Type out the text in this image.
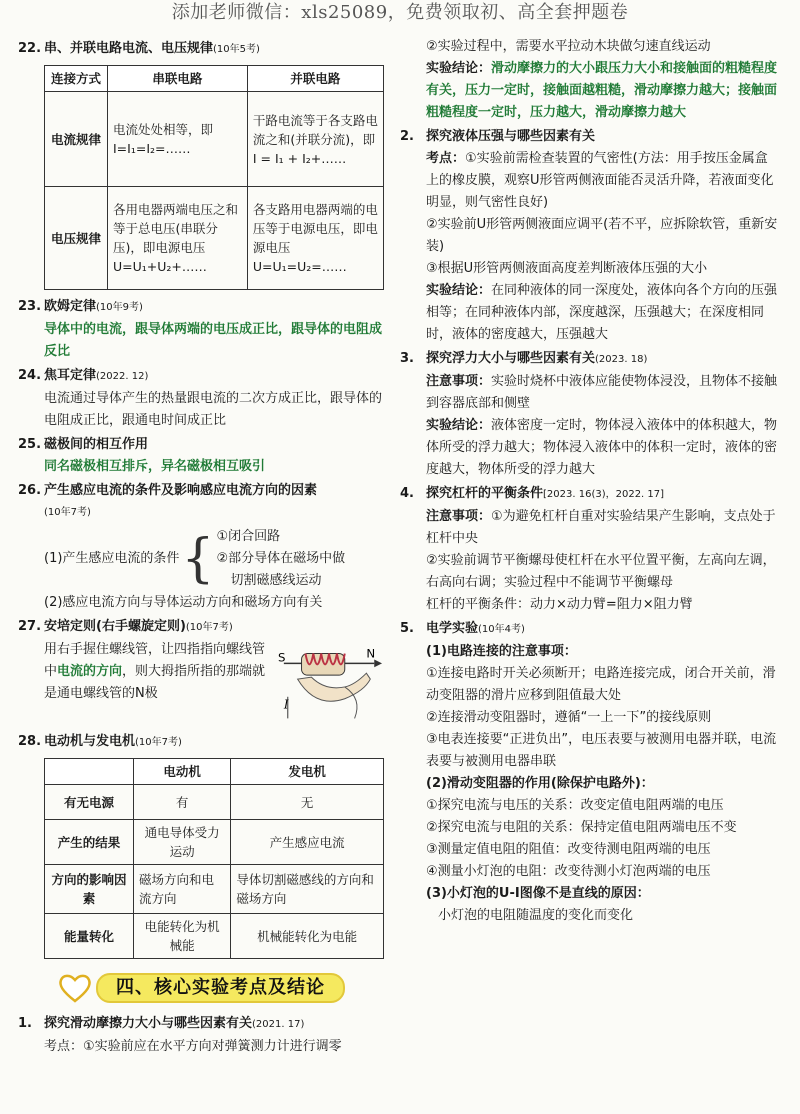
添加老师微信：xls25089，免费领取初、高全套押题卷
22. 串、并联电路电流、电压规律(10年5考)
连接方式	串联电路	并联电路
电流规律	电流处处相等，即I=I₁=I₂=……	干路电流等于各支路电流之和(并联分流)，即 I = I₁ + I₂+……
电压规律	各用电器两端电压之和等于总电压(串联分压)，即电源电压 U=U₁+U₂+……	各支路用电器两端的电压等于电源电压，即电源电压 U=U₁=U₂=……
23. 欧姆定律(10年9考)
导体中的电流，跟导体两端的电压成正比，跟导体的电阻成反比
24. 焦耳定律(2022. 12)
电流通过导体产生的热量跟电流的二次方成正比，跟导体的电阻成正比，跟通电时间成正比
25. 磁极间的相互作用
同名磁极相互排斥，异名磁极相互吸引
26. 产生感应电流的条件及影响感应电流方向的因素
(10年7考)
(1)产生感应电流的条件 { ①闭合回路
②部分导体在磁场中做
切割磁感线运动
(2)感应电流方向与导体运动方向和磁场方向有关
27. 安培定则(右手螺旋定则)(10年7考)
用右手握住螺线管，让四指指向螺线管中电流的方向，则大拇指所指的那端就是通电螺线管的N极
S	N
I
28. 电动机与发电机(10年7考)
	电动机	发电机
有无电源	有	无
产生的结果	通电导体受力运动	产生感应电流
方向的影响因素	磁场方向和电流方向	导体切割磁感线的方向和磁场方向
能量转化	电能转化为机械能	机械能转化为电能
四、核心实验考点及结论
1. 探究滑动摩擦力大小与哪些因素有关(2021. 17)
考点：①实验前应在水平方向对弹簧测力计进行调零
②实验过程中，需要水平拉动木块做匀速直线运动
实验结论：滑动摩擦力的大小跟压力大小和接触面的粗糙程度有关，压力一定时，接触面越粗糙，滑动摩擦力越大；接触面粗糙程度一定时，压力越大，滑动摩擦力越大
2. 探究液体压强与哪些因素有关
考点：①实验前需检查装置的气密性(方法：用手按压金属盒上的橡皮膜，观察U形管两侧液面能否灵活升降，若液面变化明显，则气密性良好)
②实验前U形管两侧液面应调平(若不平，应拆除软管，重新安装)
③根据U形管两侧液面高度差判断液体压强的大小
实验结论：在同种液体的同一深度处，液体向各个方向的压强相等；在同种液体内部，深度越深，压强越大；在深度相同时，液体的密度越大，压强越大
3. 探究浮力大小与哪些因素有关(2023. 18)
注意事项：实验时烧杯中液体应能使物体浸没，且物体不接触到容器底部和侧壁
实验结论：液体密度一定时，物体浸入液体中的体积越大，物体所受的浮力越大；物体浸入液体中的体积一定时，液体的密度越大，物体所受的浮力越大
4. 探究杠杆的平衡条件[2023. 16(3)，2022. 17]
注意事项：①为避免杠杆自重对实验结果产生影响，支点处于杠杆中央
②实验前调节平衡螺母使杠杆在水平位置平衡，左高向左调，右高向右调；实验过程中不能调节平衡螺母
杠杆的平衡条件：动力×动力臂=阻力×阻力臂
5. 电学实验(10年4考)
(1)电路连接的注意事项：
①连接电路时开关必须断开；电路连接完成，闭合开关前，滑动变阻器的滑片应移到阻值最大处
②连接滑动变阻器时，遵循“一上一下”的接线原则
③电表连接要“正进负出”，电压表要与被测用电器并联，电流表要与被测用电器串联
(2)滑动变阻器的作用(除保护电路外)：
①探究电流与电压的关系：改变定值电阻两端的电压
②探究电流与电阻的关系：保持定值电阻两端电压不变
③测量定值电阻的阻值：改变待测电阻两端的电压
④测量小灯泡的电阻：改变待测小灯泡两端的电压
(3)小灯泡的U-I图像不是直线的原因：
小灯泡的电阻随温度的变化而变化
